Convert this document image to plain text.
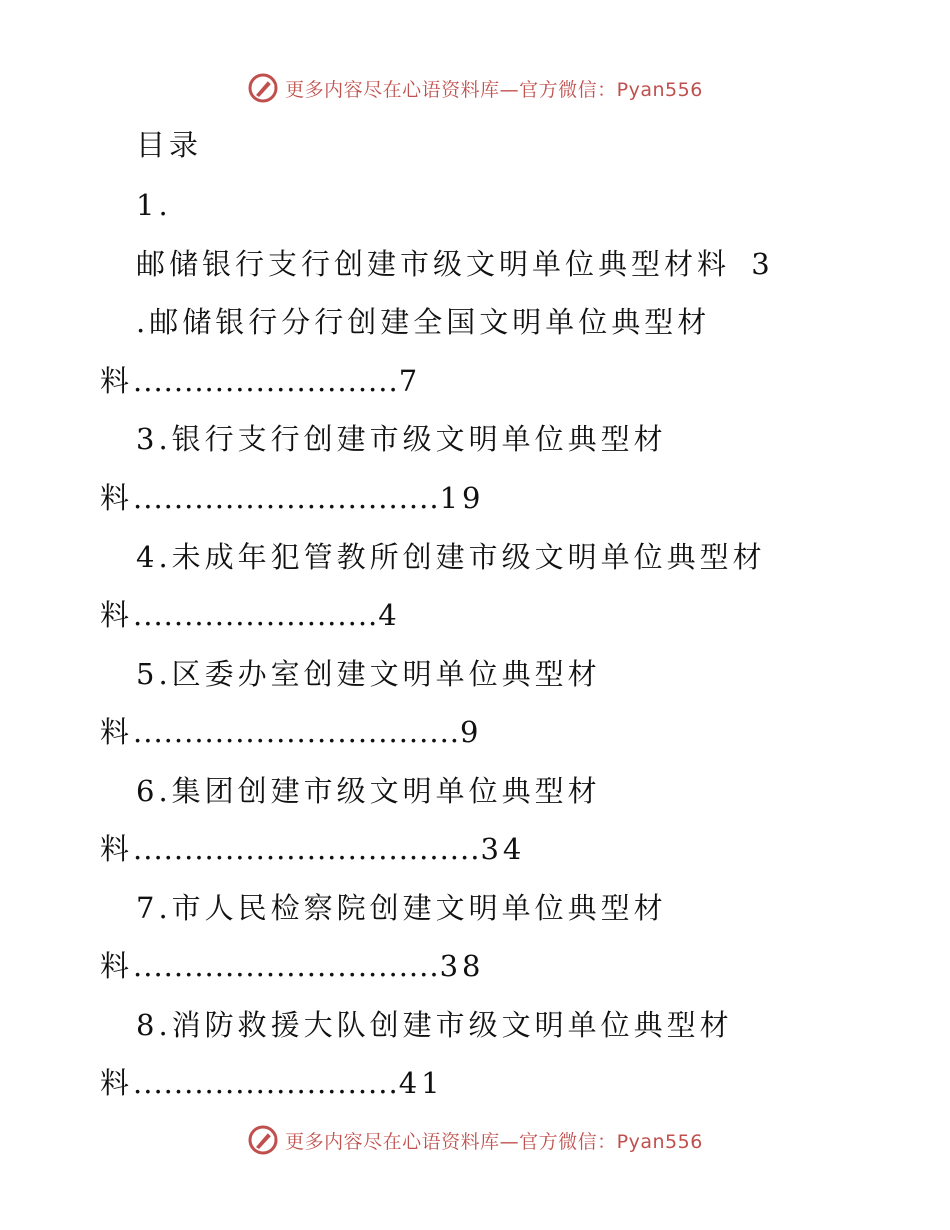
更多内容尽在心语资料库—官方微信：Pyan556
目录
1.
邮储银行支行创建市级文明单位典型材料 3
.邮储银行分行创建全国文明单位典型材
料..........................7
3.银行支行创建市级文明单位典型材
料..............................19
4.未成年犯管教所创建市级文明单位典型材
料........................4
5.区委办室创建文明单位典型材
料................................9
6.集团创建市级文明单位典型材
料..................................34
7.市人民检察院创建文明单位典型材
料..............................38
8.消防救援大队创建市级文明单位典型材
料..........................41
更多内容尽在心语资料库—官方微信：Pyan556
